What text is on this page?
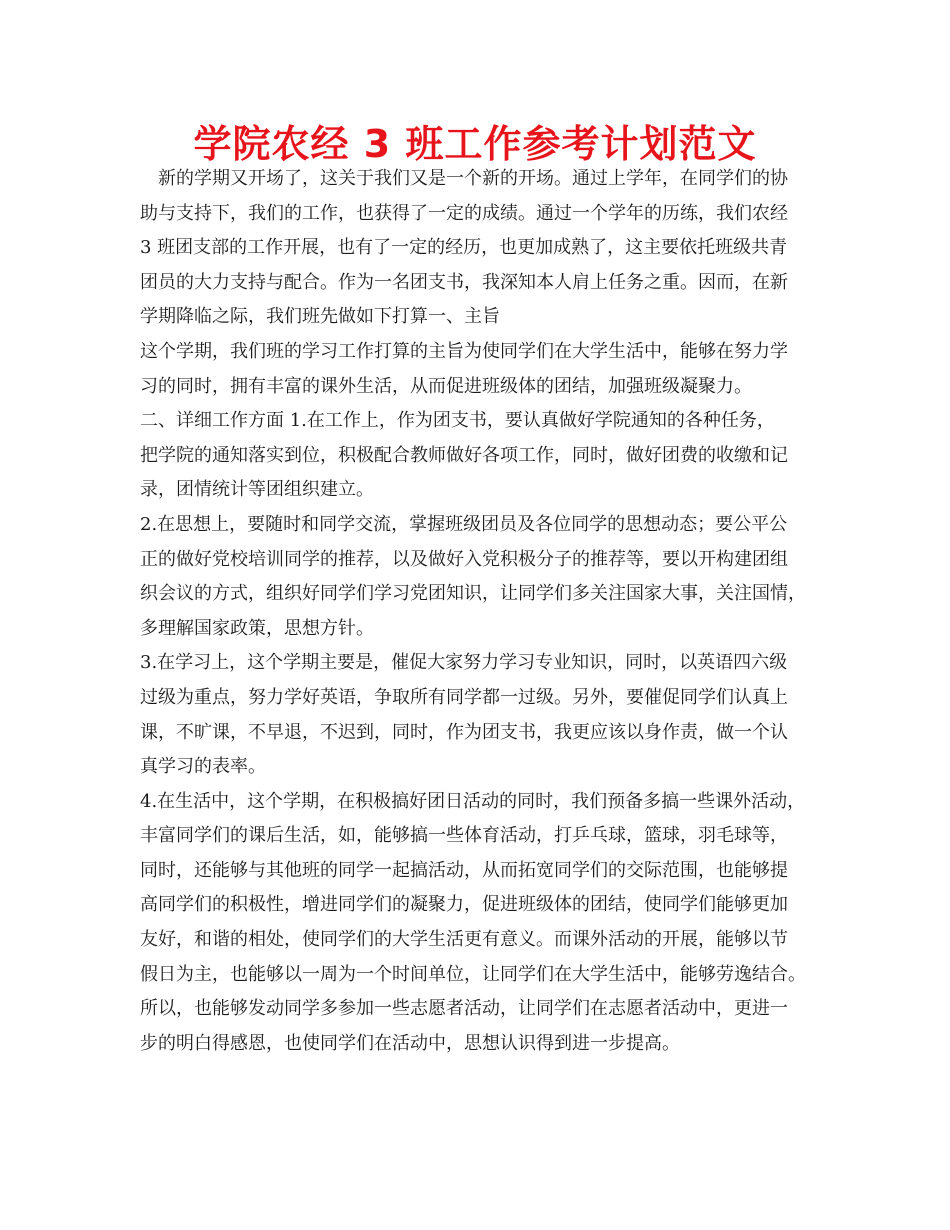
学院农经 3 班工作参考计划范文

新的学期又开场了，这关于我们又是一个新的开场。通过上学年，在同学们的协

助与支持下，我们的工作，也获得了一定的成绩。通过一个学年的历练，我们农经

3 班团支部的工作开展，也有了一定的经历，也更加成熟了，这主要依托班级共青

团员的大力支持与配合。作为一名团支书，我深知本人肩上任务之重。因而，在新

学期降临之际，我们班先做如下打算一、主旨

这个学期，我们班的学习工作打算的主旨为使同学们在大学生活中，能够在努力学

习的同时，拥有丰富的课外生活，从而促进班级体的团结，加强班级凝聚力。

二、详细工作方面 1.在工作上，作为团支书，要认真做好学院通知的各种任务，

把学院的通知落实到位，积极配合教师做好各项工作，同时，做好团费的收缴和记

录，团情统计等团组织建立。

2.在思想上，要随时和同学交流，掌握班级团员及各位同学的思想动态；要公平公

正的做好党校培训同学的推荐，以及做好入党积极分子的推荐等，要以开构建团组

织会议的方式，组织好同学们学习党团知识，让同学们多关注国家大事，关注国情，

多理解国家政策，思想方针。

3.在学习上，这个学期主要是，催促大家努力学习专业知识，同时，以英语四六级

过级为重点，努力学好英语，争取所有同学都一过级。另外，要催促同学们认真上

课，不旷课，不早退，不迟到，同时，作为团支书，我更应该以身作责，做一个认

真学习的表率。

4.在生活中，这个学期，在积极搞好团日活动的同时，我们预备多搞一些课外活动，

丰富同学们的课后生活，如，能够搞一些体育活动，打乒乓球，篮球，羽毛球等，

同时，还能够与其他班的同学一起搞活动，从而拓宽同学们的交际范围，也能够提

高同学们的积极性，增进同学们的凝聚力，促进班级体的团结，使同学们能够更加

友好，和谐的相处，使同学们的大学生活更有意义。而课外活动的开展，能够以节

假日为主，也能够以一周为一个时间单位，让同学们在大学生活中，能够劳逸结合。

所以，也能够发动同学多参加一些志愿者活动，让同学们在志愿者活动中，更进一

步的明白得感恩，也使同学们在活动中，思想认识得到进一步提高。
